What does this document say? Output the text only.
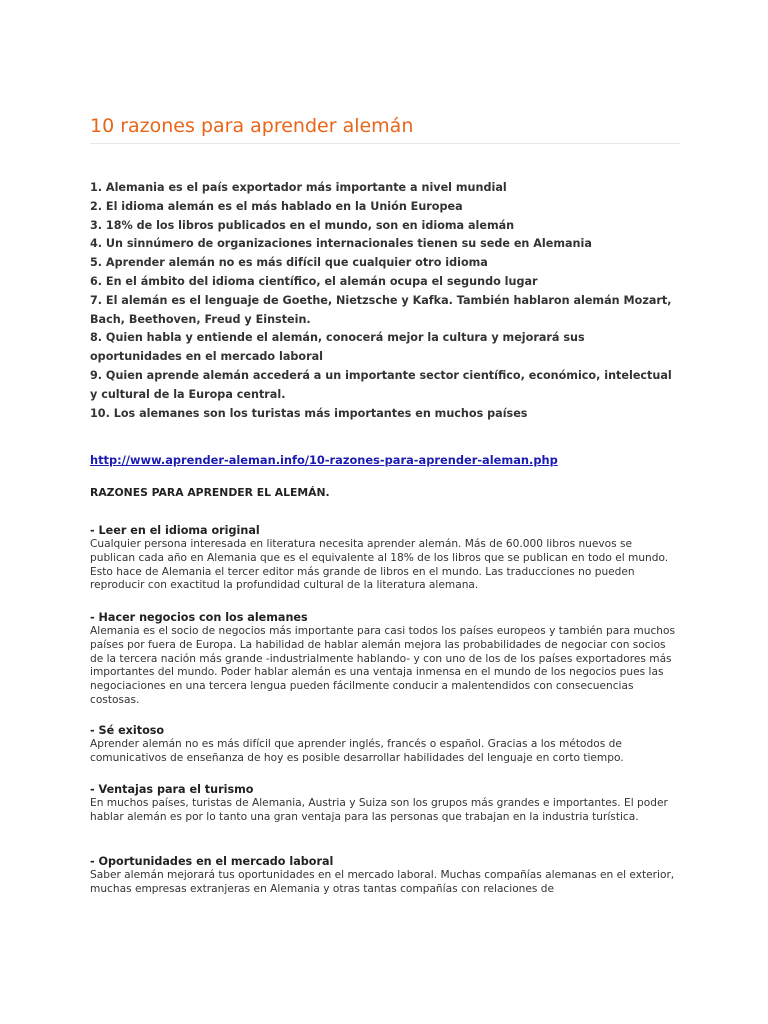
10 razones para aprender alemán
1. Alemania es el país exportador más importante a nivel mundial
2. El idioma alemán es el más hablado en la Unión Europea
3. 18% de los libros publicados en el mundo, son en idioma alemán
4. Un sinnúmero de organizaciones internacionales tienen su sede en Alemania
5. Aprender alemán no es más difícil que cualquier otro idioma
6. En el ámbito del idioma científico, el alemán ocupa el segundo lugar
7. El alemán es el lenguaje de Goethe, Nietzsche y Kafka. También hablaron alemán Mozart, Bach, Beethoven, Freud y Einstein.
8. Quien habla y entiende el alemán, conocerá mejor la cultura y mejorará sus oportunidades en el mercado laboral
9. Quien aprende alemán accederá a un importante sector científico, económico, intelectual y cultural de la Europa central.
10. Los alemanes son los turistas más importantes en muchos países
http://www.aprender-aleman.info/10-razones-para-aprender-aleman.php
RAZONES PARA APRENDER EL ALEMÁN.

- Leer en el idioma original

Cualquier persona interesada en literatura necesita aprender alemán. Más de 60.000 libros nuevos se publican cada año en Alemania que es el equivalente al 18% de los libros que se publican en todo el mundo. Esto hace de Alemania el tercer editor más grande de libros en el mundo. Las traducciones no pueden reproducir con exactitud la profundidad cultural de la literatura alemana.

- Hacer negocios con los alemanes

Alemania es el socio de negocios más importante para casi todos los países europeos y también para muchos países por fuera de Europa. La habilidad de hablar alemán mejora las probabilidades de negociar con socios de la tercera nación más grande -industrialmente hablando- y con uno de los de los países exportadores más importantes del mundo. Poder hablar alemán es una ventaja inmensa en el mundo de los negocios pues las negociaciones en una tercera lengua pueden fácilmente conducir a malentendidos con consecuencias costosas.

- Sé exitoso

Aprender alemán no es más difícil que aprender inglés, francés o español. Gracias a los métodos de comunicativos de enseñanza de hoy es posible desarrollar habilidades del lenguaje en corto tiempo.

- Ventajas para el turismo

En muchos países, turistas de Alemania, Austria y Suiza son los grupos más grandes e importantes. El poder hablar alemán es por lo tanto una gran ventaja para las personas que trabajan en la industria turística.

- Oportunidades en el mercado laboral

Saber alemán mejorará tus oportunidades en el mercado laboral. Muchas compañías alemanas en el exterior, muchas empresas extranjeras en Alemania y otras tantas compañías con relaciones de
